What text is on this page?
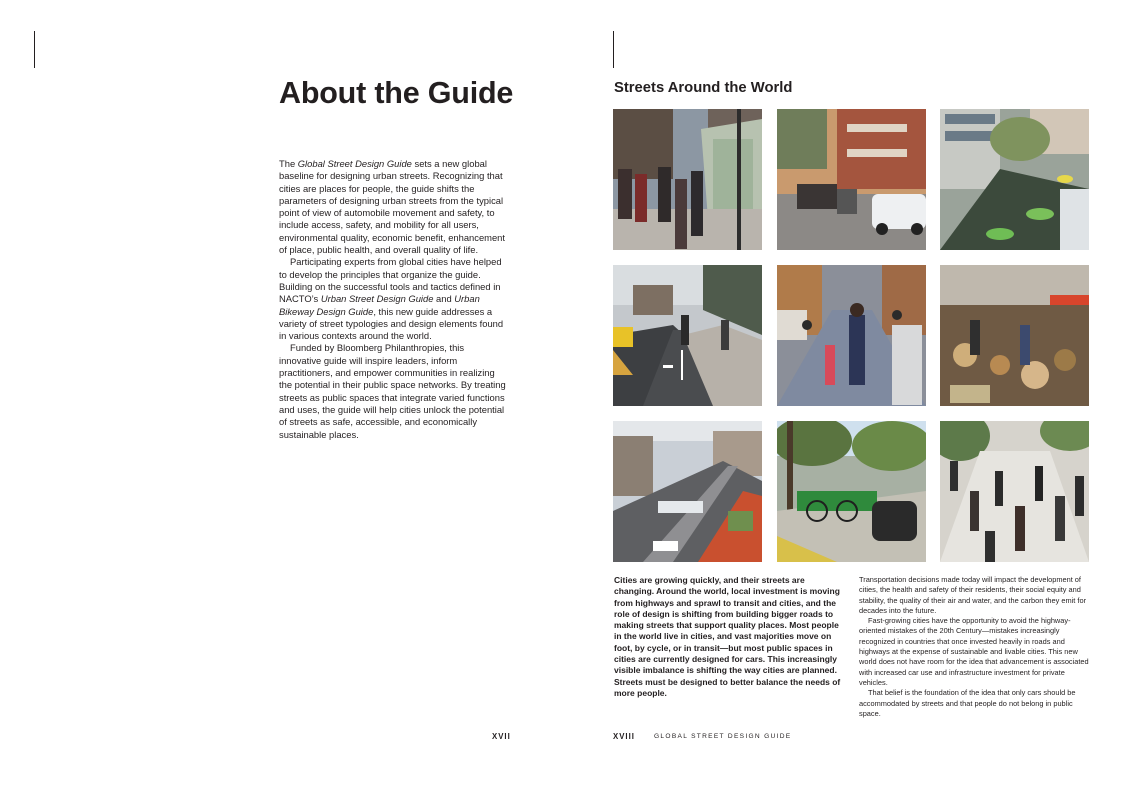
About the Guide

The Global Street Design Guide sets a new global baseline for designing urban streets. Recognizing that cities are places for people, the guide shifts the parameters of designing urban streets from the typical point of view of automobile movement and safety, to include access, safety, and mobility for all users, environmental quality, economic benefit, enhancement of place, public health, and overall quality of life.

Participating experts from global cities have helped to develop the principles that organize the guide. Building on the successful tools and tactics defined in NACTO’s Urban Street Design Guide and Urban Bikeway Design Guide, this new guide addresses a variety of street typologies and design elements found in various contexts around the world.

Funded by Bloomberg Philanthropies, this innovative guide will inspire leaders, inform practitioners, and empower communities in realizing the potential in their public space networks. By treating streets as public spaces that integrate varied functions and uses, the guide will help cities unlock the potential of streets as safe, accessible, and economically sustainable places.

XVII
Streets Around the World

Cities are growing quickly, and their streets are changing. Around the world, local investment is moving from highways and sprawl to transit and cities, and the role of design is shifting from building bigger roads to making streets that support quality places. Most people in the world live in cities, and vast majorities move on foot, by cycle, or in transit—but most public spaces in cities are currently designed for cars. This increasingly visible imbalance is shifting the way cities are planned. Streets must be designed to better balance the needs of more people.

Transportation decisions made today will impact the development of cities, the health and safety of their residents, their social equity and stability, the quality of their air and water, and the carbon they emit for decades into the future.

Fast-growing cities have the opportunity to avoid the highway-oriented mistakes of the 20th Century—mistakes increasingly recognized in countries that once invested heavily in roads and highways at the expense of sustainable and livable cities. This new world does not have room for the idea that advancement is associated with increased car use and infrastructure investment for private vehicles.

That belief is the foundation of the idea that only cars should be accommodated by streets and that people do not belong in public space.

XVIII	GLOBAL STREET DESIGN GUIDE
